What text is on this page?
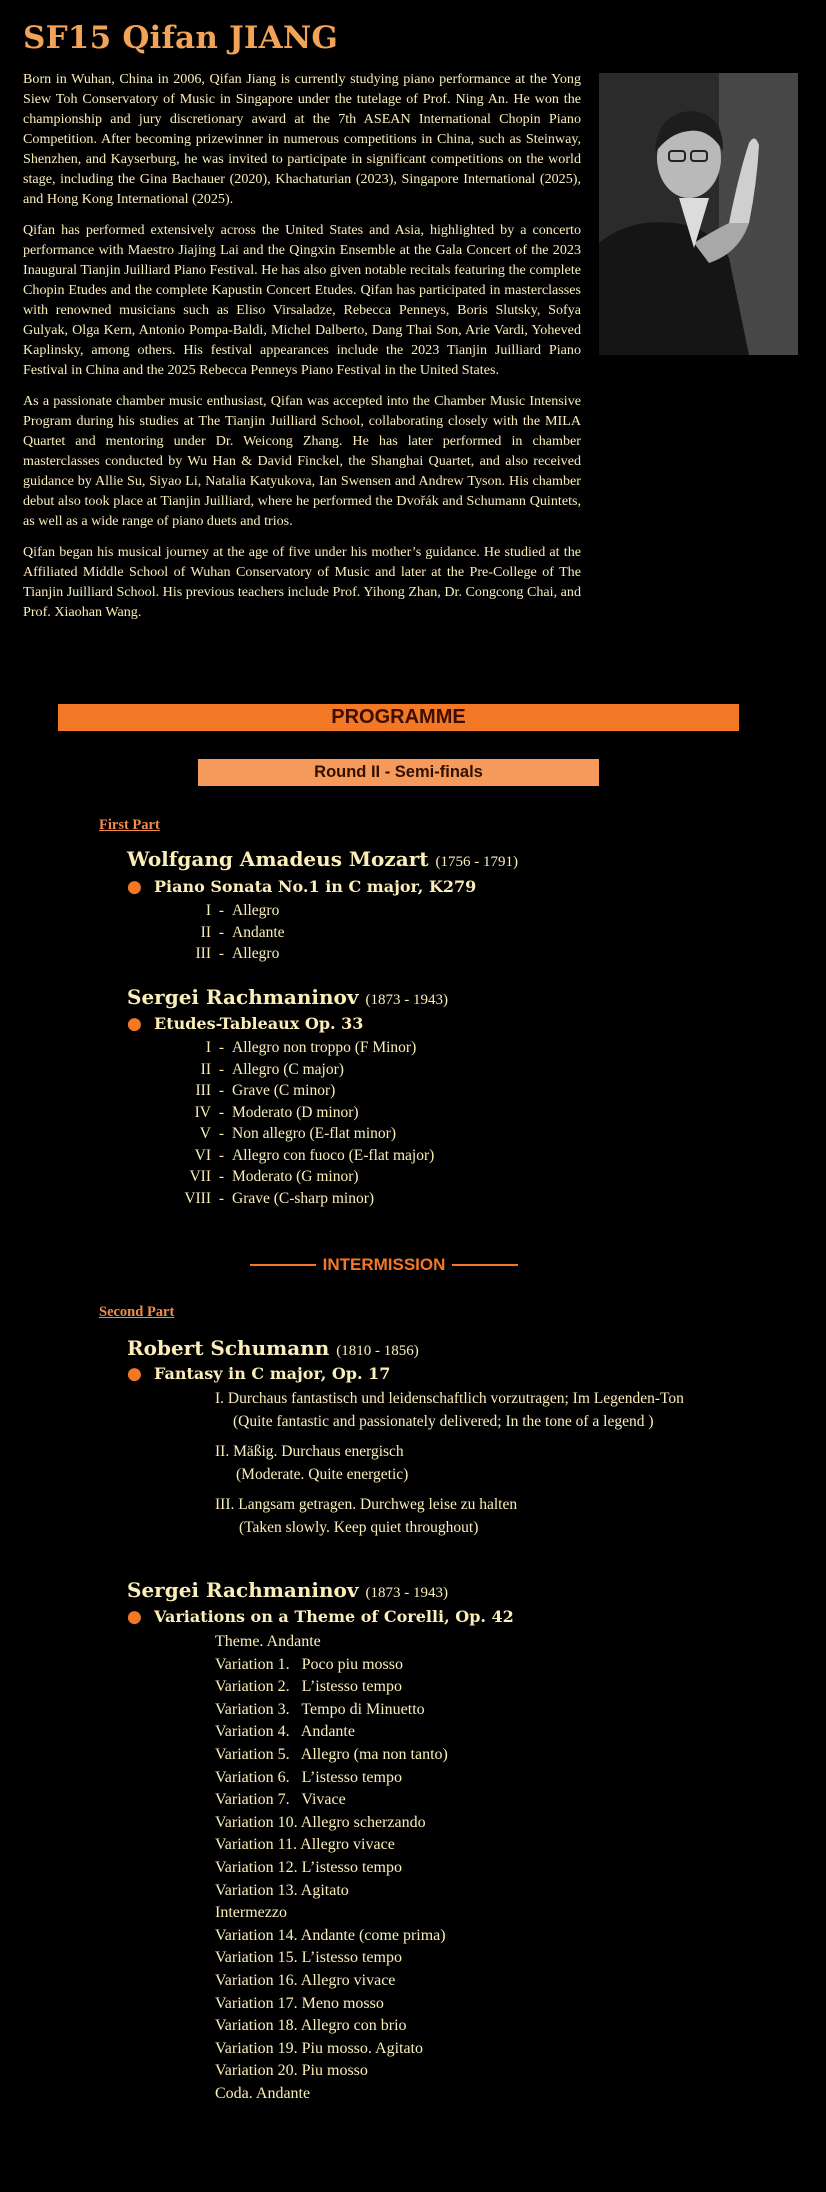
SF15 Qifan JIANG

Born in Wuhan, China in 2006, Qifan Jiang is currently studying piano performance at the Yong Siew Toh Conservatory of Music in Singapore under the tutelage of Prof. Ning An. He won the championship and jury discretionary award at the 7th ASEAN International Chopin Piano Competition. After becoming prizewinner in numerous competitions in China, such as Steinway, Shenzhen, and Kayserburg, he was invited to participate in significant competitions on the world stage, including the Gina Bachauer (2020), Khachaturian (2023), Singapore International (2025), and Hong Kong International (2025).

Qifan has performed extensively across the United States and Asia, highlighted by a concerto performance with Maestro Jiajing Lai and the Qingxin Ensemble at the Gala Concert of the 2023 Inaugural Tianjin Juilliard Piano Festival. He has also given notable recitals featuring the complete Chopin Etudes and the complete Kapustin Concert Etudes. Qifan has participated in masterclasses with renowned musicians such as Eliso Virsaladze, Rebecca Penneys, Boris Slutsky, Sofya Gulyak, Olga Kern, Antonio Pompa-Baldi, Michel Dalberto, Dang Thai Son, Arie Vardi, Yoheved Kaplinsky, among others. His festival appearances include the 2023 Tianjin Juilliard Piano Festival in China and the 2025 Rebecca Penneys Piano Festival in the United States.

As a passionate chamber music enthusiast, Qifan was accepted into the Chamber Music Intensive Program during his studies at The Tianjin Juilliard School, collaborating closely with the MILA Quartet and mentoring under Dr. Weicong Zhang. He has later performed in chamber masterclasses conducted by Wu Han & David Finckel, the Shanghai Quartet, and also received guidance by Allie Su, Siyao Li, Natalia Katyukova, Ian Swensen and Andrew Tyson. His chamber debut also took place at Tianjin Juilliard, where he performed the Dvořák and Schumann Quintets, as well as a wide range of piano duets and trios.

Qifan began his musical journey at the age of five under his mother’s guidance. He studied at the Affiliated Middle School of Wuhan Conservatory of Music and later at the Pre-College of The Tianjin Juilliard School. His previous teachers include Prof. Yihong Zhan, Dr. Congcong Chai, and Prof. Xiaohan Wang.

PROGRAMME
Round II - Semi-finals

First Part

Wolfgang Amadeus Mozart (1756 - 1791)

● Piano Sonata No.1 in C major, K279

I - Allegro
II - Andante
III - Allegro

Sergei Rachmaninov (1873 - 1943)

● Etudes-Tableaux Op. 33

I - Allegro non troppo (F Minor)
II - Allegro (C major)
III - Grave (C minor)
IV - Moderato (D minor)
V - Non allegro (E-flat minor)
VI - Allegro con fuoco (E-flat major)
VII - Moderato (G minor)
VIII - Grave (C-sharp minor)
INTERMISSION

Second Part

Robert Schumann (1810 - 1856)

● Fantasy in C major, Op. 17

I. Durchaus fantastisch und leidenschaftlich vorzutragen; Im Legenden-Ton
(Quite fantastic and passionately delivered; In the tone of a legend )
II. Mäßig. Durchaus energisch
(Moderate. Quite energetic)
III. Langsam getragen. Durchweg leise zu halten
(Taken slowly. Keep quiet throughout)

Sergei Rachmaninov (1873 - 1943)

● Variations on a Theme of Corelli, Op. 42

Theme. Andante
Variation 1.   Poco piu mosso
Variation 2.   L’istesso tempo
Variation 3.   Tempo di Minuetto
Variation 4.   Andante
Variation 5.   Allegro (ma non tanto)
Variation 6.   L’istesso tempo
Variation 7.   Vivace
Variation 10. Allegro scherzando
Variation 11. Allegro vivace
Variation 12. L’istesso tempo
Variation 13. Agitato
Intermezzo
Variation 14. Andante (come prima)
Variation 15. L’istesso tempo
Variation 16. Allegro vivace
Variation 17. Meno mosso
Variation 18. Allegro con brio
Variation 19. Piu mosso. Agitato
Variation 20. Piu mosso
Coda. Andante
